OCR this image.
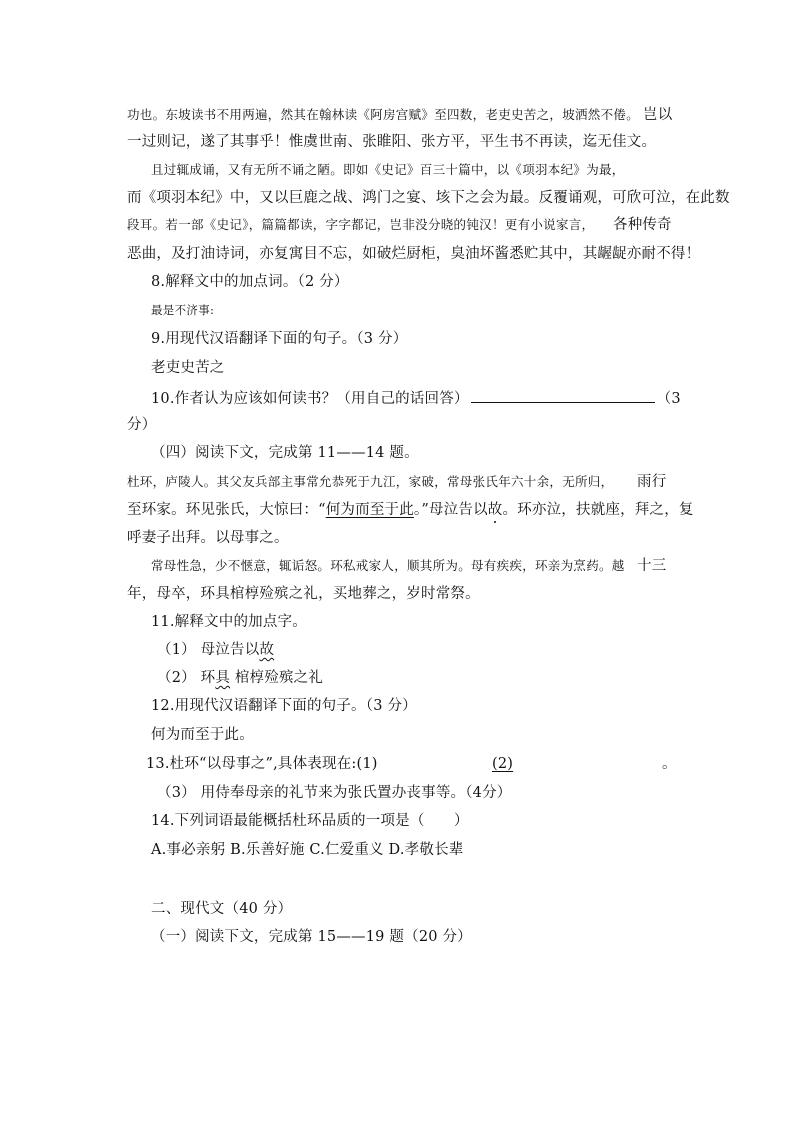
功也。东坡读书不用两遍，然其在翰林读《阿房宫赋》至四数，老吏史苦之，坡洒然不倦。 岂以
一过则记，遂了其事乎！惟虞世南、张睢阳、张方平，平生书不再读，迄无佳文。
且过辄成诵，又有无所不诵之陋。即如《史记》百三十篇中，以《项羽本纪》为最，
而《项羽本纪》中，又以巨鹿之战、鸿门之宴、垓下之会为最。反覆诵观，可欣可泣，在此数
段耳。若一部《史记》，篇篇都读，字字都记，岂非没分晓的钝汉！更有小说家言， 各种传奇
恶曲，及打油诗词，亦复寓目不忘，如破烂厨柜，臭油坏酱悉贮其中，其龌龊亦耐不得！
8.解释文中的加点词。（2 分）
最是不济事:
9.用现代汉语翻译下面的句子。（3 分）
老吏史苦之
10.作者认为应该如何读书？（用自己的话回答）	（3
分）
（四）阅读下文，完成第 11——14 题。
杜环，庐陵人。其父友兵部主事常允恭死于九江，家破，常母张氏年六十余，无所归， 雨行
至环家。环见张氏，大惊曰：“何为而至于此。”母泣告以故。环亦泣，扶就座，拜之，复
呼妻子出拜。以母事之。
常母性急，少不惬意，辄诟怒。环私戒家人，顺其所为。母有疾疾，环亲为烹药。越 十三
年，母卒，环具棺椁殓殡之礼，买地葬之，岁时常祭。
11.解释文中的加点字。
（1） 母泣告以故
（2） 环具 棺椁殓殡之礼
12.用现代汉语翻译下面的句子。（3 分）
何为而至于此。
13.杜环“以母事之”,具体表现在:(1)	(2)	。
（3） 用侍奉母亲的礼节来为张氏置办丧事等。（4分）
14.下列词语最能概括杜环品质的一项是（　　）
A.事必亲躬 B.乐善好施 C.仁爱重义 D.孝敬长辈
二、现代文（40 分）
（一）阅读下文，完成第 15——19 题（20 分）
